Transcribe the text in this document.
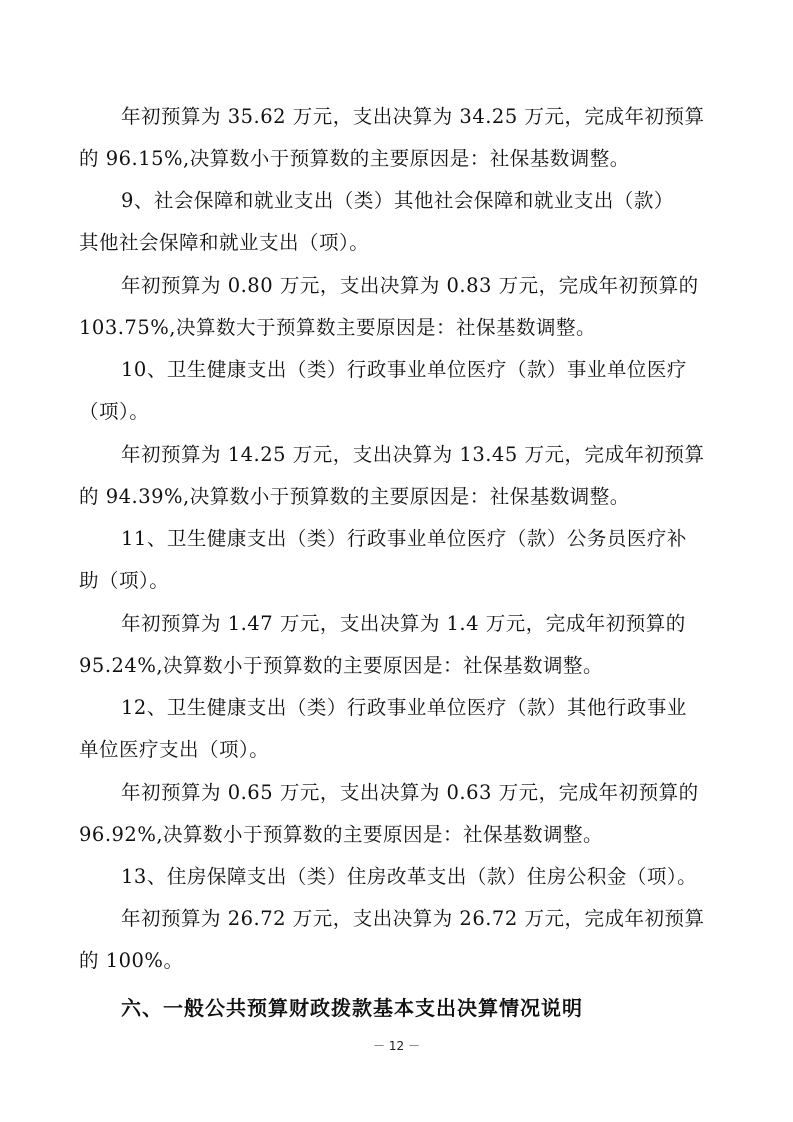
年初预算为 35.62 万元，支出决算为 34.25 万元，完成年初预算
的 96.15%,决算数小于预算数的主要原因是：社保基数调整。
9、社会保障和就业支出（类）其他社会保障和就业支出（款）
其他社会保障和就业支出（项）。
年初预算为 0.80 万元，支出决算为 0.83 万元，完成年初预算的
103.75%,决算数大于预算数主要原因是：社保基数调整。
10、卫生健康支出（类）行政事业单位医疗（款）事业单位医疗
（项）。
年初预算为 14.25 万元，支出决算为 13.45 万元，完成年初预算
的 94.39%,决算数小于预算数的主要原因是：社保基数调整。
11、卫生健康支出（类）行政事业单位医疗（款）公务员医疗补
助（项）。
年初预算为 1.47 万元，支出决算为 1.4 万元，完成年初预算的
95.24%,决算数小于预算数的主要原因是：社保基数调整。
12、卫生健康支出（类）行政事业单位医疗（款）其他行政事业
单位医疗支出（项）。
年初预算为 0.65 万元，支出决算为 0.63 万元，完成年初预算的
96.92%,决算数小于预算数的主要原因是：社保基数调整。
13、住房保障支出（类）住房改革支出（款）住房公积金（项）。
年初预算为 26.72 万元，支出决算为 26.72 万元，完成年初预算
的 100%。
六、一般公共预算财政拨款基本支出决算情况说明
－ 12 －
